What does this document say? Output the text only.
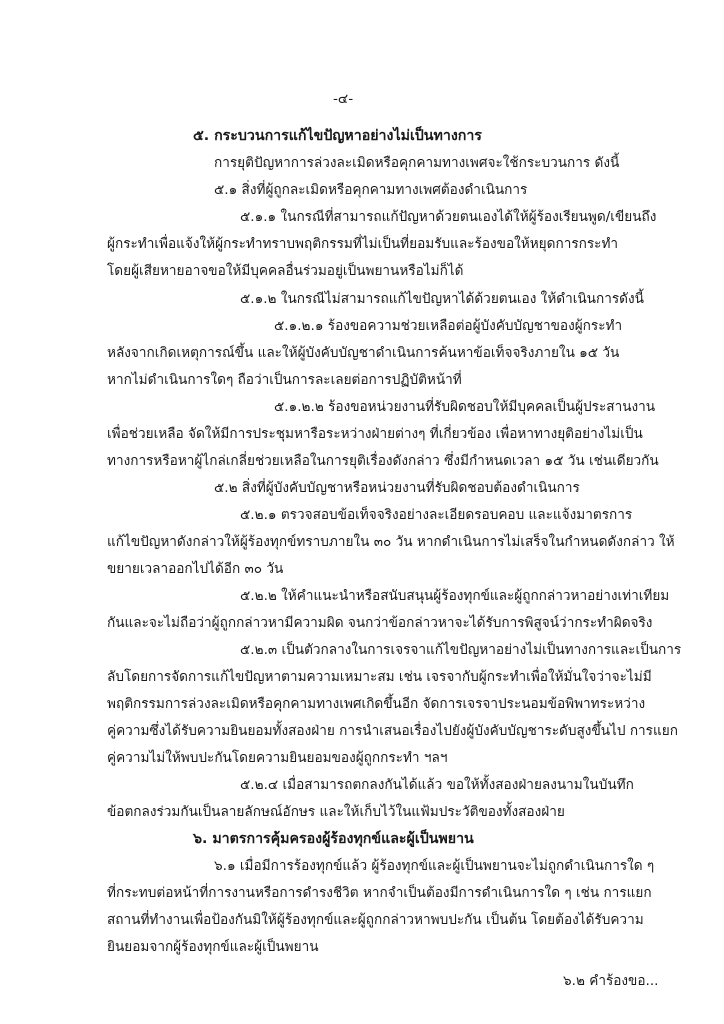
-๔-
๕. กระบวนการแก้ไขปัญหาอย่างไม่เป็นทางการ
การยุติปัญหาการล่วงละเมิดหรือคุกคามทางเพศจะใช้กระบวนการ ดังนี้
๕.๑ สิ่งที่ผู้ถูกละเมิดหรือคุกคามทางเพศต้องดำเนินการ
๕.๑.๑ ในกรณีที่สามารถแก้ปัญหาด้วยตนเองได้ให้ผู้ร้องเรียนพูด/เขียนถึง
ผู้กระทำเพื่อแจ้งให้ผู้กระทำทราบพฤติกรรมที่ไม่เป็นที่ยอมรับและร้องขอให้หยุดการกระทำ
โดยผู้เสียหายอาจขอให้มีบุคคลอื่นร่วมอยู่เป็นพยานหรือไม่ก็ได้
๕.๑.๒ ในกรณีไม่สามารถแก้ไขปัญหาได้ด้วยตนเอง ให้ดำเนินการดังนี้
๕.๑.๒.๑ ร้องขอความช่วยเหลือต่อผู้บังคับบัญชาของผู้กระทำ
หลังจากเกิดเหตุการณ์ขึ้น และให้ผู้บังคับบัญชาดำเนินการค้นหาข้อเท็จจริงภายใน ๑๕ วัน
หากไม่ดำเนินการใดๆ ถือว่าเป็นการละเลยต่อการปฏิบัติหน้าที่
๕.๑.๒.๒ ร้องขอหน่วยงานที่รับผิดชอบให้มีบุคคลเป็นผู้ประสานงาน
เพื่อช่วยเหลือ จัดให้มีการประชุมหารือระหว่างฝ่ายต่างๆ ที่เกี่ยวข้อง เพื่อหาทางยุติอย่างไม่เป็น
ทางการหรือหาผู้ไกล่เกลี่ยช่วยเหลือในการยุติเรื่องดังกล่าว ซึ่งมีกำหนดเวลา ๑๕ วัน เช่นเดียวกัน
๕.๒ สิ่งที่ผู้บังคับบัญชาหรือหน่วยงานที่รับผิดชอบต้องดำเนินการ
๕.๒.๑ ตรวจสอบข้อเท็จจริงอย่างละเอียดรอบคอบ และแจ้งมาตรการ
แก้ไขปัญหาดังกล่าวให้ผู้ร้องทุกข์ทราบภายใน ๓๐ วัน หากดำเนินการไม่เสร็จในกำหนดดังกล่าว ให้
ขยายเวลาออกไปได้อีก ๓๐ วัน
๕.๒.๒ ให้คำแนะนำหรือสนับสนุนผู้ร้องทุกข์และผู้ถูกกล่าวหาอย่างเท่าเทียม
กันและจะไม่ถือว่าผู้ถูกกล่าวหามีความผิด จนกว่าข้อกล่าวหาจะได้รับการพิสูจน์ว่ากระทำผิดจริง
๕.๒.๓ เป็นตัวกลางในการเจรจาแก้ไขปัญหาอย่างไม่เป็นทางการและเป็นการ
ลับโดยการจัดการแก้ไขปัญหาตามความเหมาะสม เช่น เจรจากับผู้กระทำเพื่อให้มั่นใจว่าจะไม่มี
พฤติกรรมการล่วงละเมิดหรือคุกคามทางเพศเกิดขึ้นอีก จัดการเจรจาประนอมข้อพิพาทระหว่าง
คู่ความซึ่งได้รับความยินยอมทั้งสองฝ่าย การนำเสนอเรื่องไปยังผู้บังคับบัญชาระดับสูงขึ้นไป การแยก
คู่ความไม่ให้พบปะกันโดยความยินยอมของผู้ถูกกระทำ ฯลฯ
๕.๒.๔ เมื่อสามารถตกลงกันได้แล้ว ขอให้ทั้งสองฝ่ายลงนามในบันทึก
ข้อตกลงร่วมกันเป็นลายลักษณ์อักษร และให้เก็บไว้ในแฟ้มประวัติของทั้งสองฝ่าย
๖. มาตรการคุ้มครองผู้ร้องทุกข์และผู้เป็นพยาน
๖.๑ เมื่อมีการร้องทุกข์แล้ว ผู้ร้องทุกข์และผู้เป็นพยานจะไม่ถูกดำเนินการใด ๆ
ที่กระทบต่อหน้าที่การงานหรือการดำรงชีวิต หากจำเป็นต้องมีการดำเนินการใด ๆ เช่น การแยก
สถานที่ทำงานเพื่อป้องกันมิให้ผู้ร้องทุกข์และผู้ถูกกล่าวหาพบปะกัน เป็นต้น โดยต้องได้รับความ
ยินยอมจากผู้ร้องทุกข์และผู้เป็นพยาน
๖.๒ คำร้องขอ...
